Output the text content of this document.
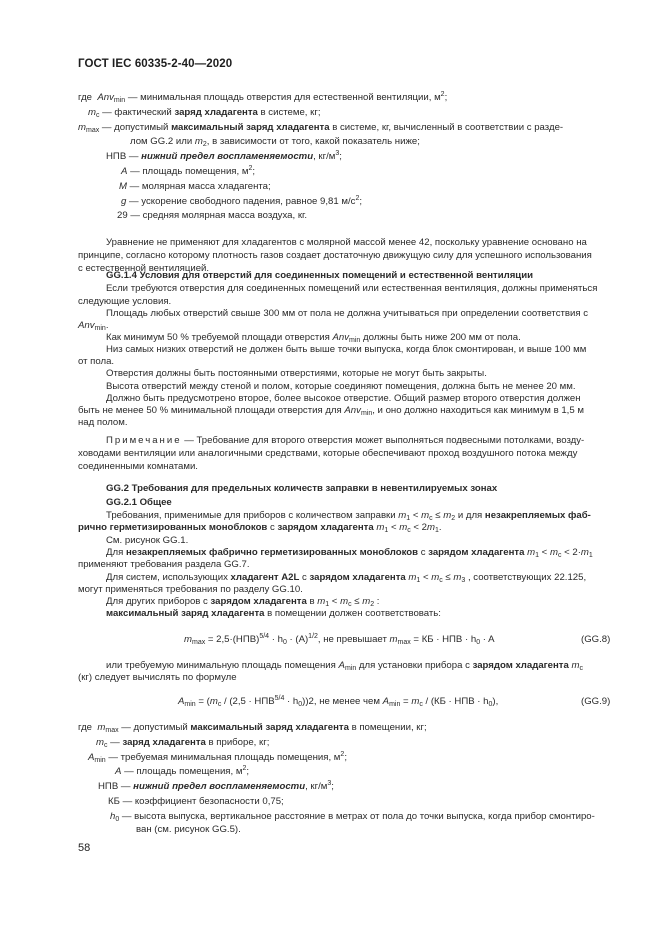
ГОСТ IEC 60335-2-40—2020
где Anv$_{min}$ — минимальная площадь отверстия для естественной вентиляции, $м^2$;
$m_c$ — фактический заряд хладагента в системе, кг;
$m_{max}$ — допустимый максимальный заряд хладагента в системе, кг, вычисленный в соответствии с разде-
лом GG.2 или $m_2$, в зависимости от того, какой показатель ниже;
НПВ — нижний предел воспламеняемости, $кг/м^3$;
A — площадь помещения, $м^2$;
M — молярная масса хладагента;
g — ускорение свободного падения, равное 9,81 $м/с^2$;
29 — средняя молярная масса воздуха, кг.
Уравнение не применяют для хладагентов с молярной массой менее 42, поскольку уравнение основано на
принципе, согласно которому плотность газов создает достаточную движущую силу для успешного использования
с естественной вентиляцией.
GG.1.4 Условия для отверстий для соединенных помещений и естественной вентиляции
Если требуются отверстия для соединенных помещений или естественная вентиляция, должны применяться
следующие условия.
Площадь любых отверстий свыше 300 мм от пола не должна учитываться при определении соответствия с
Anv$_{min}$.
Как минимум 50 % требуемой площади отверстия Anv$_{min}$ должны быть ниже 200 мм от пола.
Низ самых низких отверстий не должен быть выше точки выпуска, когда блок смонтирован, и выше 100 мм
от пола.
Отверстия должны быть постоянными отверстиями, которые не могут быть закрыты.
Высота отверстий между стеной и полом, которые соединяют помещения, должна быть не менее 20 мм.
Должно быть предусмотрено второе, более высокое отверстие. Общий размер второго отверстия должен
быть не менее 50 % минимальной площади отверстия для Anv$_{min}$, и оно должно находиться как минимум в 1,5 м
над полом.
Примечание — Требование для второго отверстия может выполняться подвесными потолками, возду-
ховодами вентиляции или аналогичными средствами, которые обеспечивают проход воздушного потока между
соединенными комнатами.
GG.2 Требования для предельных количеств заправки в невентилируемых зонах
GG.2.1 Общее
Требования, применимые для приборов с количеством заправки $m_1 < m_c \le m_2$ и для незакрепляемых фаб-
рично герметизированных моноблоков с зарядом хладагента $m_1 < m_c < 2m_1$.
См. рисунок GG.1.
Для незакрепляемых фабрично герметизированных моноблоков с зарядом хладагента $m_1 < m_c < 2\cdot m_1$
применяют требования раздела GG.7.
Для систем, использующих хладагент A2L с зарядом хладагента $m_1 < m_c \le m_3$ , соответствующих 22.125,
могут применяться требования по разделу GG.10.
Для других приборов с зарядом хладагента в $m_1 < m_c \le m_2$ :
максимальный заряд хладагента в помещении должен соответствовать:
$m_{max} = 2,5\cdot(НПВ)^{5/4} \cdot h_0 \cdot (A)^{1/2}$, не превышает $m_{max}$ = КБ · НПВ · $h_0 \cdot A$	(GG.8)
или требуемую минимальную площадь помещения $A_{min}$ для установки прибора с зарядом хладагента $m_c$
(кг) следует вычислять по формуле
$A_{min} = (m_c / (2,5 \cdot НПВ^{5/4} \cdot h_0))2$, не менее чем $A_{min} = m_c / (КБ$ · НПВ · $h_0$),	(GG.9)
где $m_{max}$ — допустимый максимальный заряд хладагента в помещении, кг;
$m_c$ — заряд хладагента в приборе, кг;
$A_{min}$ — требуемая минимальная площадь помещения, $м^2$;
A — площадь помещения, $м^2$;
НПВ — нижний предел воспламеняемости, $кг/м^3$;
КБ — коэффициент безопасности 0,75;
$h_0$ — высота выпуска, вертикальное расстояние в метрах от пола до точки выпуска, когда прибор смонтиро-
ван (см. рисунок GG.5).
58
